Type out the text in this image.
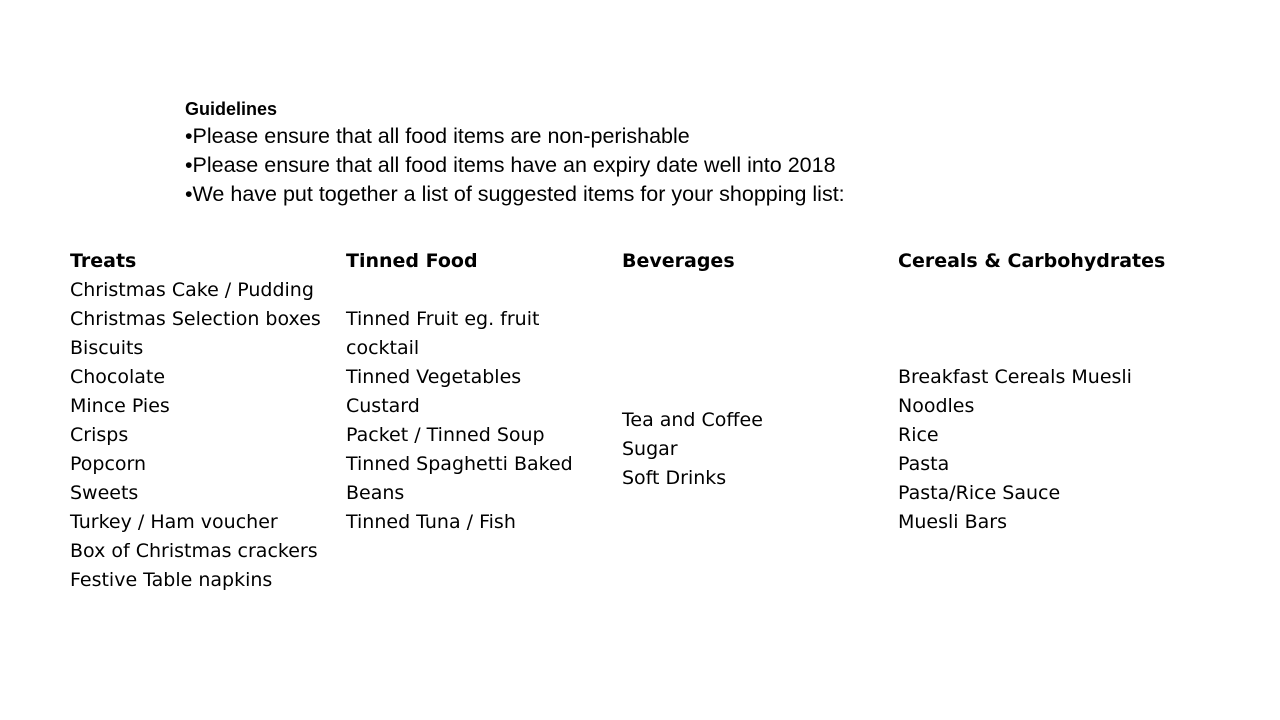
Guidelines
•Please ensure that all food items are non-perishable
•Please ensure that all food items have an expiry date well into 2018
•We have put together a list of suggested items for your shopping list:
Treats
Christmas Cake / Pudding
Christmas Selection boxes
Biscuits
Chocolate
Mince Pies
Crisps
Popcorn
Sweets
Turkey / Ham voucher
Box of Christmas crackers
Festive Table napkins
Tinned Food
Tinned Fruit eg. fruit cocktail
Tinned Vegetables
Custard
Packet / Tinned Soup
Tinned Spaghetti Baked Beans
Tinned Tuna / Fish
Beverages
Tea and Coffee
Sugar
Soft Drinks
Cereals & Carbohydrates
Breakfast Cereals Muesli
Noodles
Rice
Pasta
Pasta/Rice Sauce
Muesli Bars
